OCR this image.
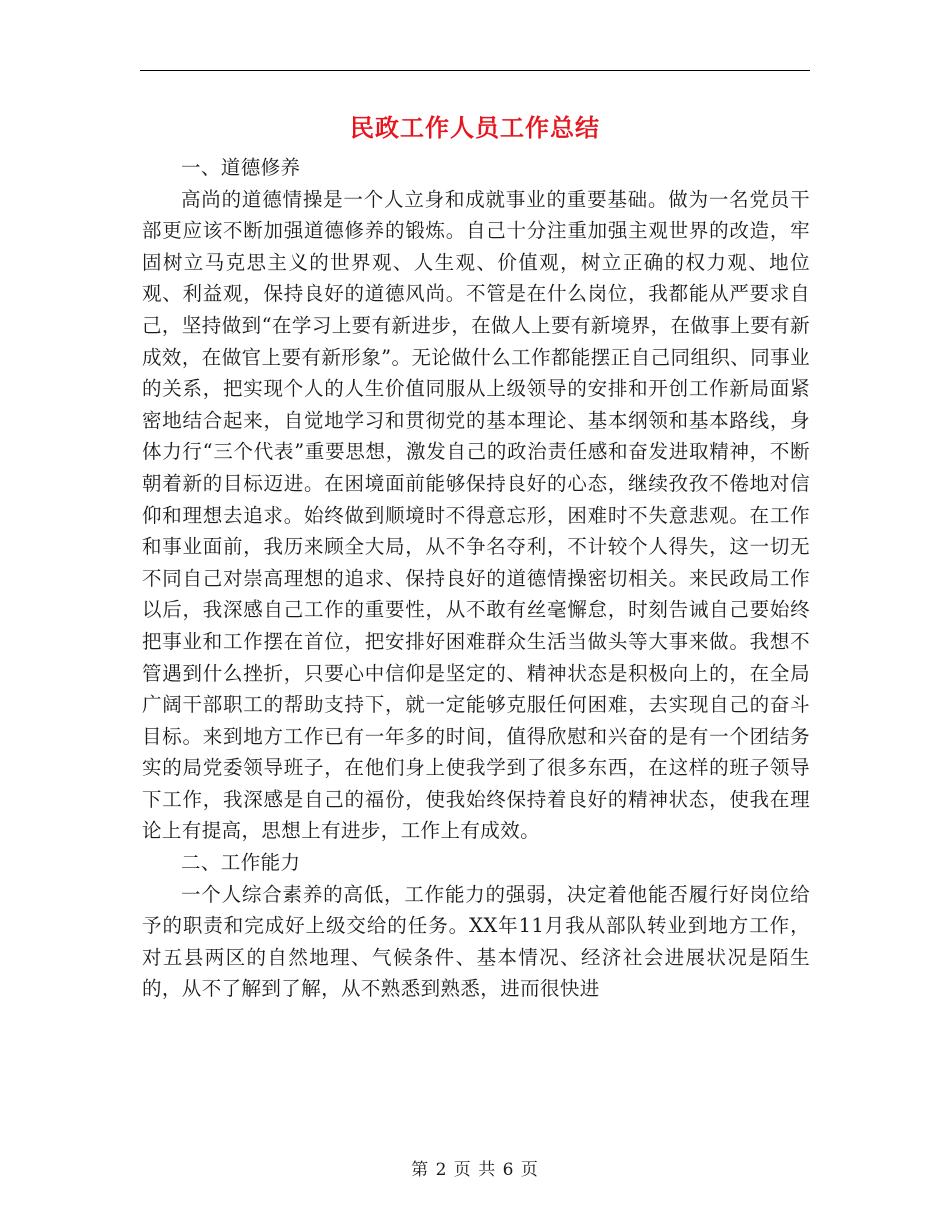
民政工作人员工作总结

一、道德修养

高尚的道德情操是一个人立身和成就事业的重要基础。做为一名党员干部更应该不断加强道德修养的锻炼。自己十分注重加强主观世界的改造，牢固树立马克思主义的世界观、人生观、价值观，树立正确的权力观、地位观、利益观，保持良好的道德风尚。不管是在什么岗位，我都能从严要求自己，坚持做到“在学习上要有新进步，在做人上要有新境界，在做事上要有新成效，在做官上要有新形象”。无论做什么工作都能摆正自己同组织、同事业的关系，把实现个人的人生价值同服从上级领导的安排和开创工作新局面紧密地结合起来，自觉地学习和贯彻党的基本理论、基本纲领和基本路线，身体力行“三个代表”重要思想，激发自己的政治责任感和奋发进取精神，不断朝着新的目标迈进。在困境面前能够保持良好的心态，继续孜孜不倦地对信仰和理想去追求。始终做到顺境时不得意忘形，困难时不失意悲观。在工作和事业面前，我历来顾全大局，从不争名夺利，不计较个人得失，这一切无不同自己对崇高理想的追求、保持良好的道德情操密切相关。来民政局工作以后，我深感自己工作的重要性，从不敢有丝毫懈怠，时刻告诫自己要始终把事业和工作摆在首位，把安排好困难群众生活当做头等大事来做。我想不管遇到什么挫折，只要心中信仰是坚定的、精神状态是积极向上的，在全局广阔干部职工的帮助支持下，就一定能够克服任何困难，去实现自己的奋斗目标。来到地方工作已有一年多的时间，值得欣慰和兴奋的是有一个团结务实的局党委领导班子，在他们身上使我学到了很多东西，在这样的班子领导下工作，我深感是自己的福份，使我始终保持着良好的精神状态，使我在理论上有提高，思想上有进步，工作上有成效。

二、工作能力

一个人综合素养的高低，工作能力的强弱，决定着他能否履行好岗位给予的职责和完成好上级交给的任务。XX年11月我从部队转业到地方工作，对五县两区的自然地理、气候条件、基本情况、经济社会进展状况是陌生的，从不了解到了解，从不熟悉到熟悉，进而很快进

第 2 页 共 6 页
